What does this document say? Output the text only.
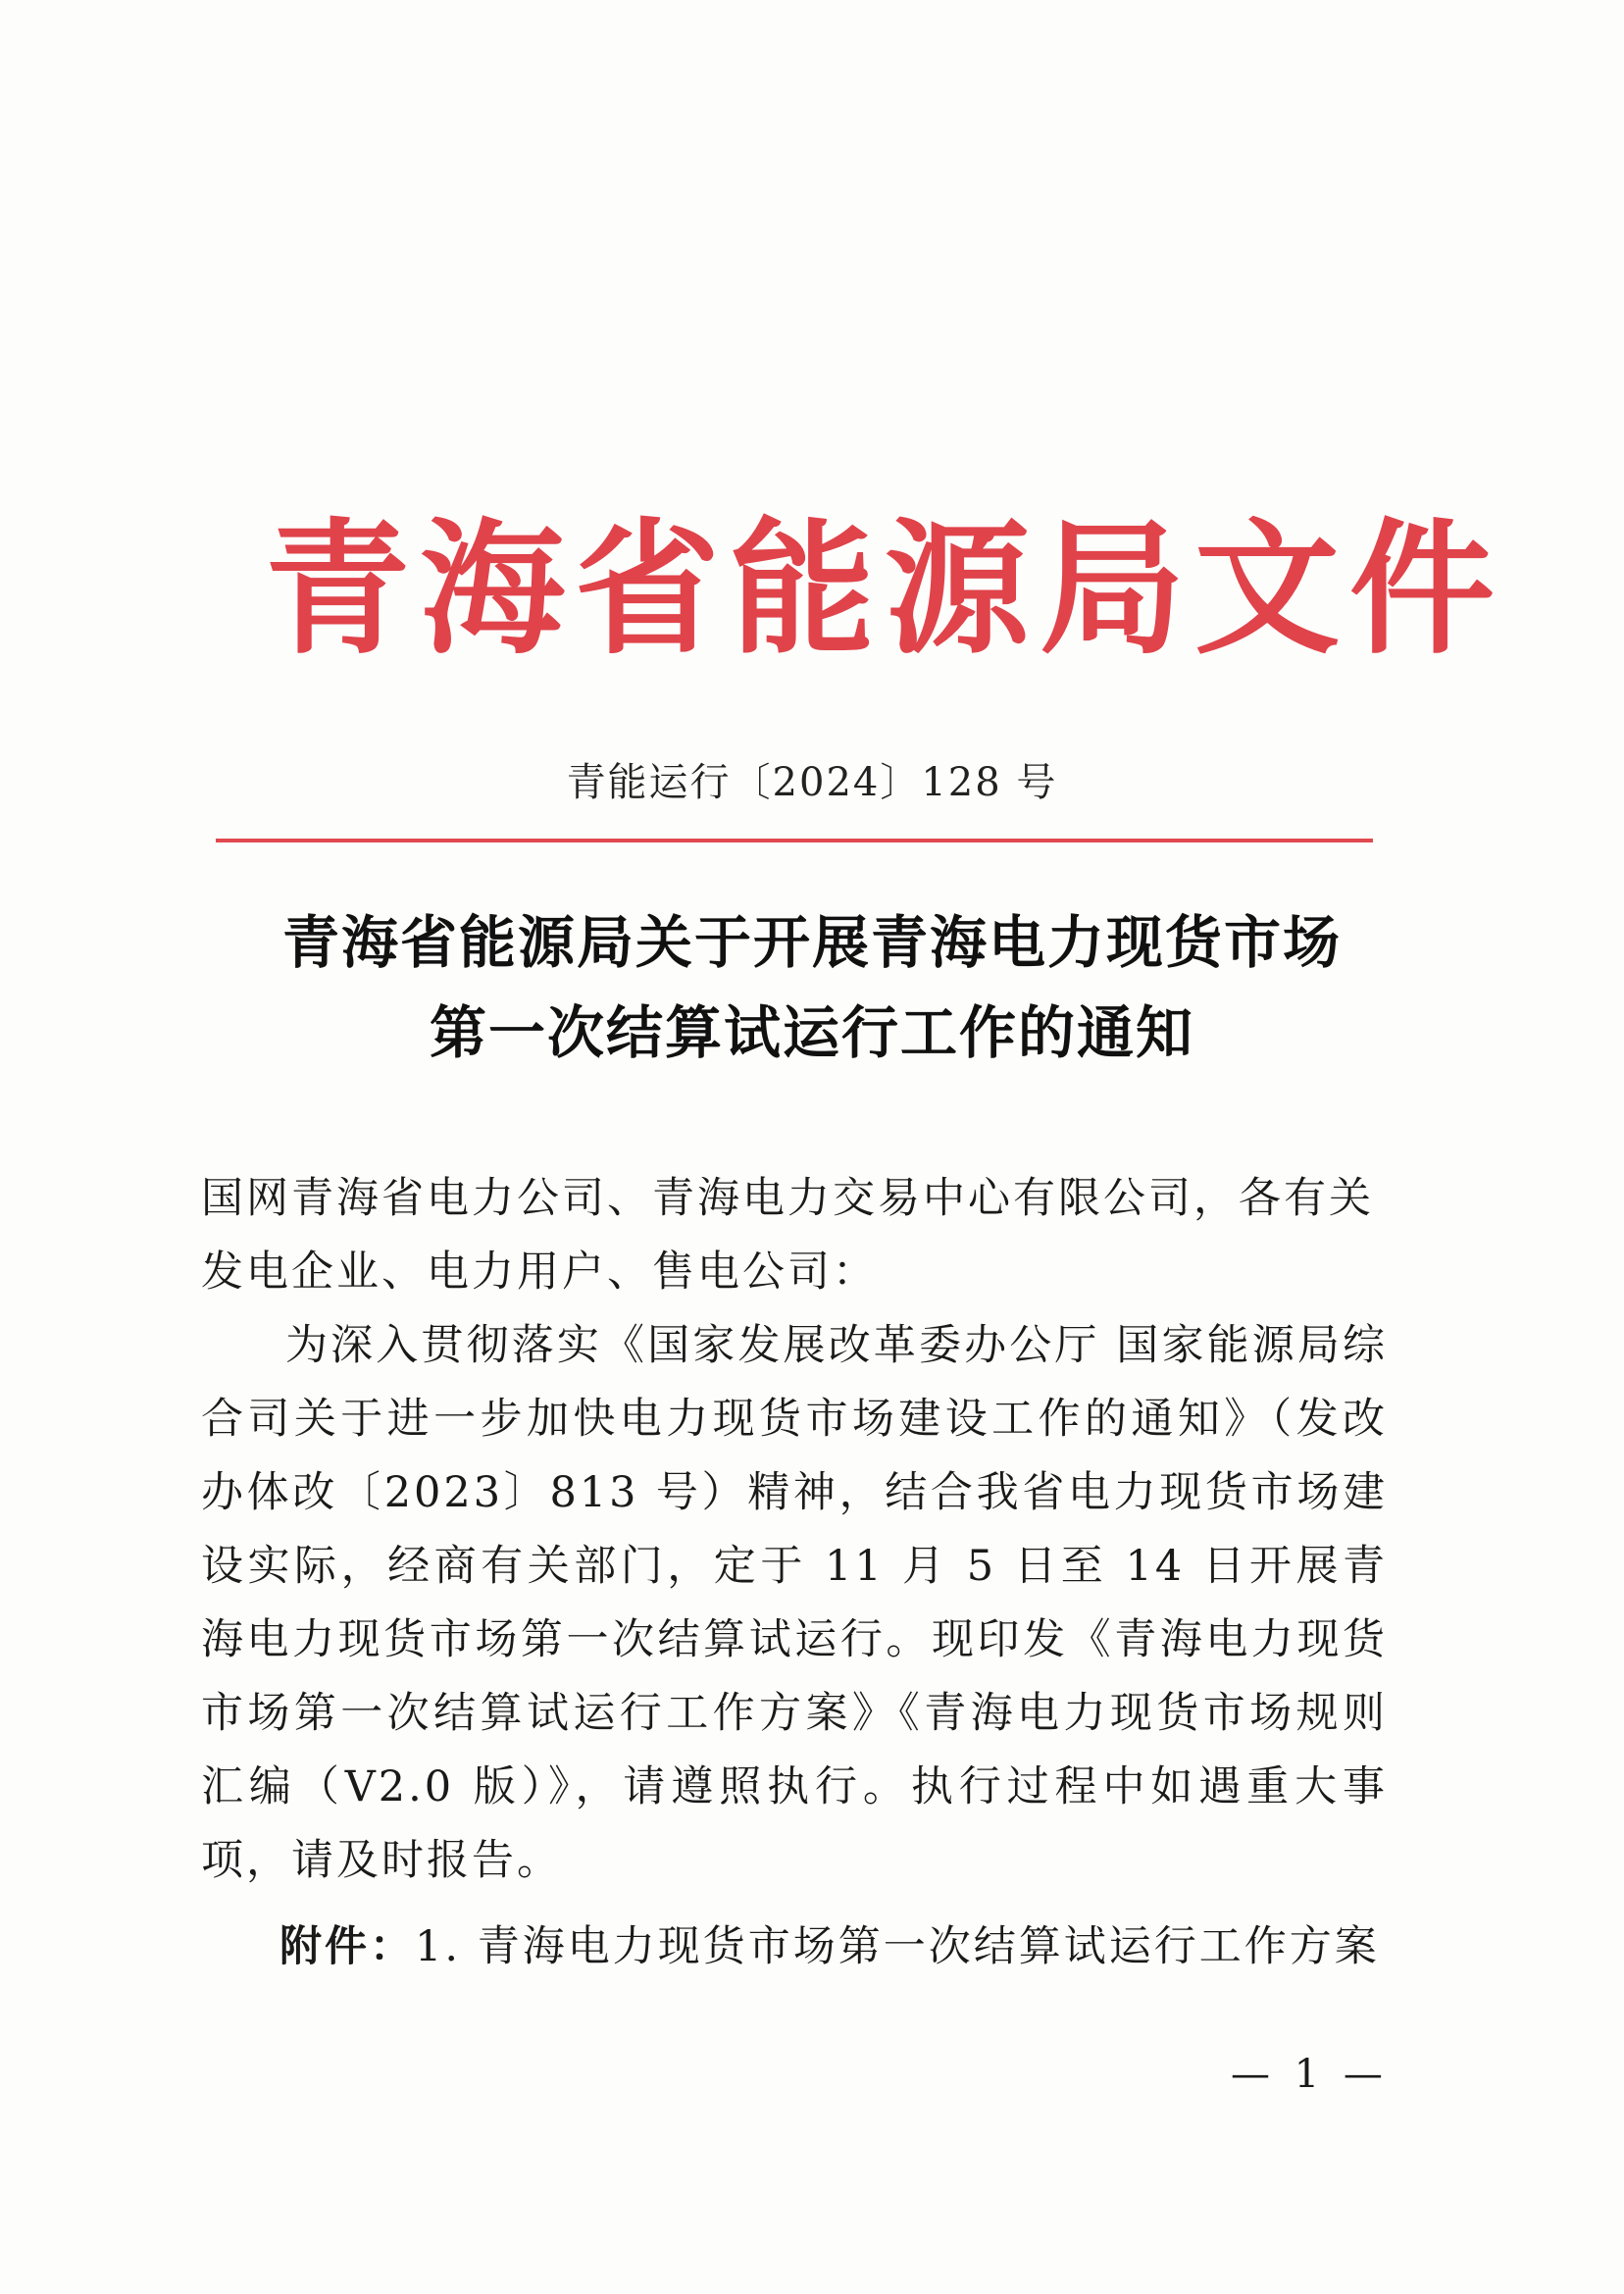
青海省能源局文件
青能运行〔2024〕128 号
青海省能源局关于开展青海电力现货市场
第一次结算试运行工作的通知

国网青海省电力公司、青海电力交易中心有限公司，各有关发电企业、电力用户、售电公司：

为深入贯彻落实《国家发展改革委办公厅 国家能源局综合司关于进一步加快电力现货市场建设工作的通知》（发改办体改〔2023〕813 号）精神，结合我省电力现货市场建设实际，经商有关部门，定于 11 月 5 日至 14 日开展青海电力现货市场第一次结算试运行。现印发《青海电力现货市场第一次结算试运行工作方案》《青海电力现货市场规则汇编（V2.0 版）》，请遵照执行。执行过程中如遇重大事项，请及时报告。

附件：1. 青海电力现货市场第一次结算试运行工作方案
— 1 —
